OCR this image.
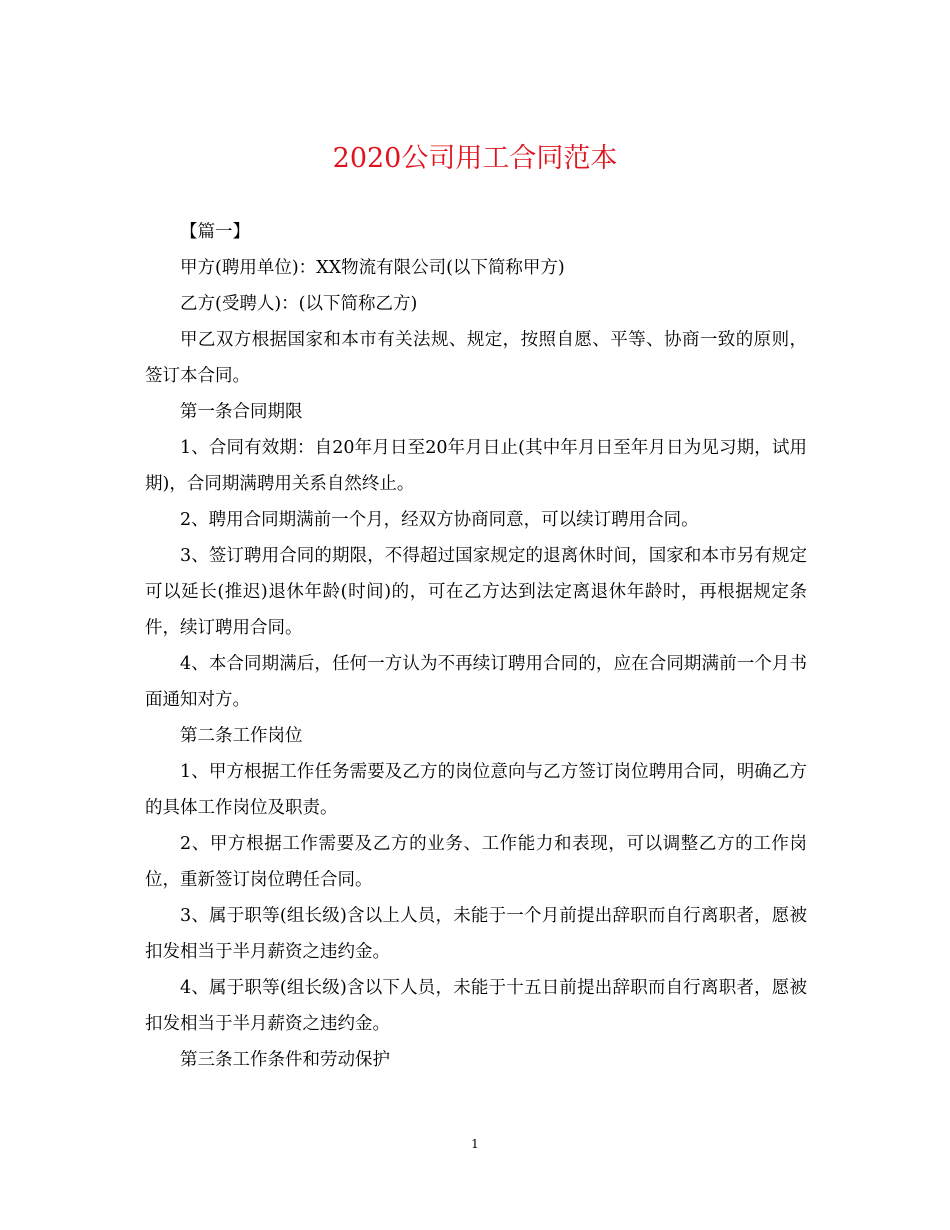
2020公司用工合同范本

【篇一】

甲方(聘用单位)：XX物流有限公司(以下简称甲方)

乙方(受聘人)：(以下简称乙方)

甲乙双方根据国家和本市有关法规、规定，按照自愿、平等、协商一致的原则，签订本合同。

第一条合同期限

1、合同有效期：自20年月日至20年月日止(其中年月日至年月日为见习期，试用期)，合同期满聘用关系自然终止。

2、聘用合同期满前一个月，经双方协商同意，可以续订聘用合同。

3、签订聘用合同的期限，不得超过国家规定的退离休时间，国家和本市另有规定可以延长(推迟)退休年龄(时间)的，可在乙方达到法定离退休年龄时，再根据规定条件，续订聘用合同。

4、本合同期满后，任何一方认为不再续订聘用合同的，应在合同期满前一个月书面通知对方。

第二条工作岗位

1、甲方根据工作任务需要及乙方的岗位意向与乙方签订岗位聘用合同，明确乙方的具体工作岗位及职责。

2、甲方根据工作需要及乙方的业务、工作能力和表现，可以调整乙方的工作岗位，重新签订岗位聘任合同。

3、属于职等(组长级)含以上人员，未能于一个月前提出辞职而自行离职者，愿被扣发相当于半月薪资之违约金。

4、属于职等(组长级)含以下人员，未能于十五日前提出辞职而自行离职者，愿被扣发相当于半月薪资之违约金。

第三条工作条件和劳动保护

1
